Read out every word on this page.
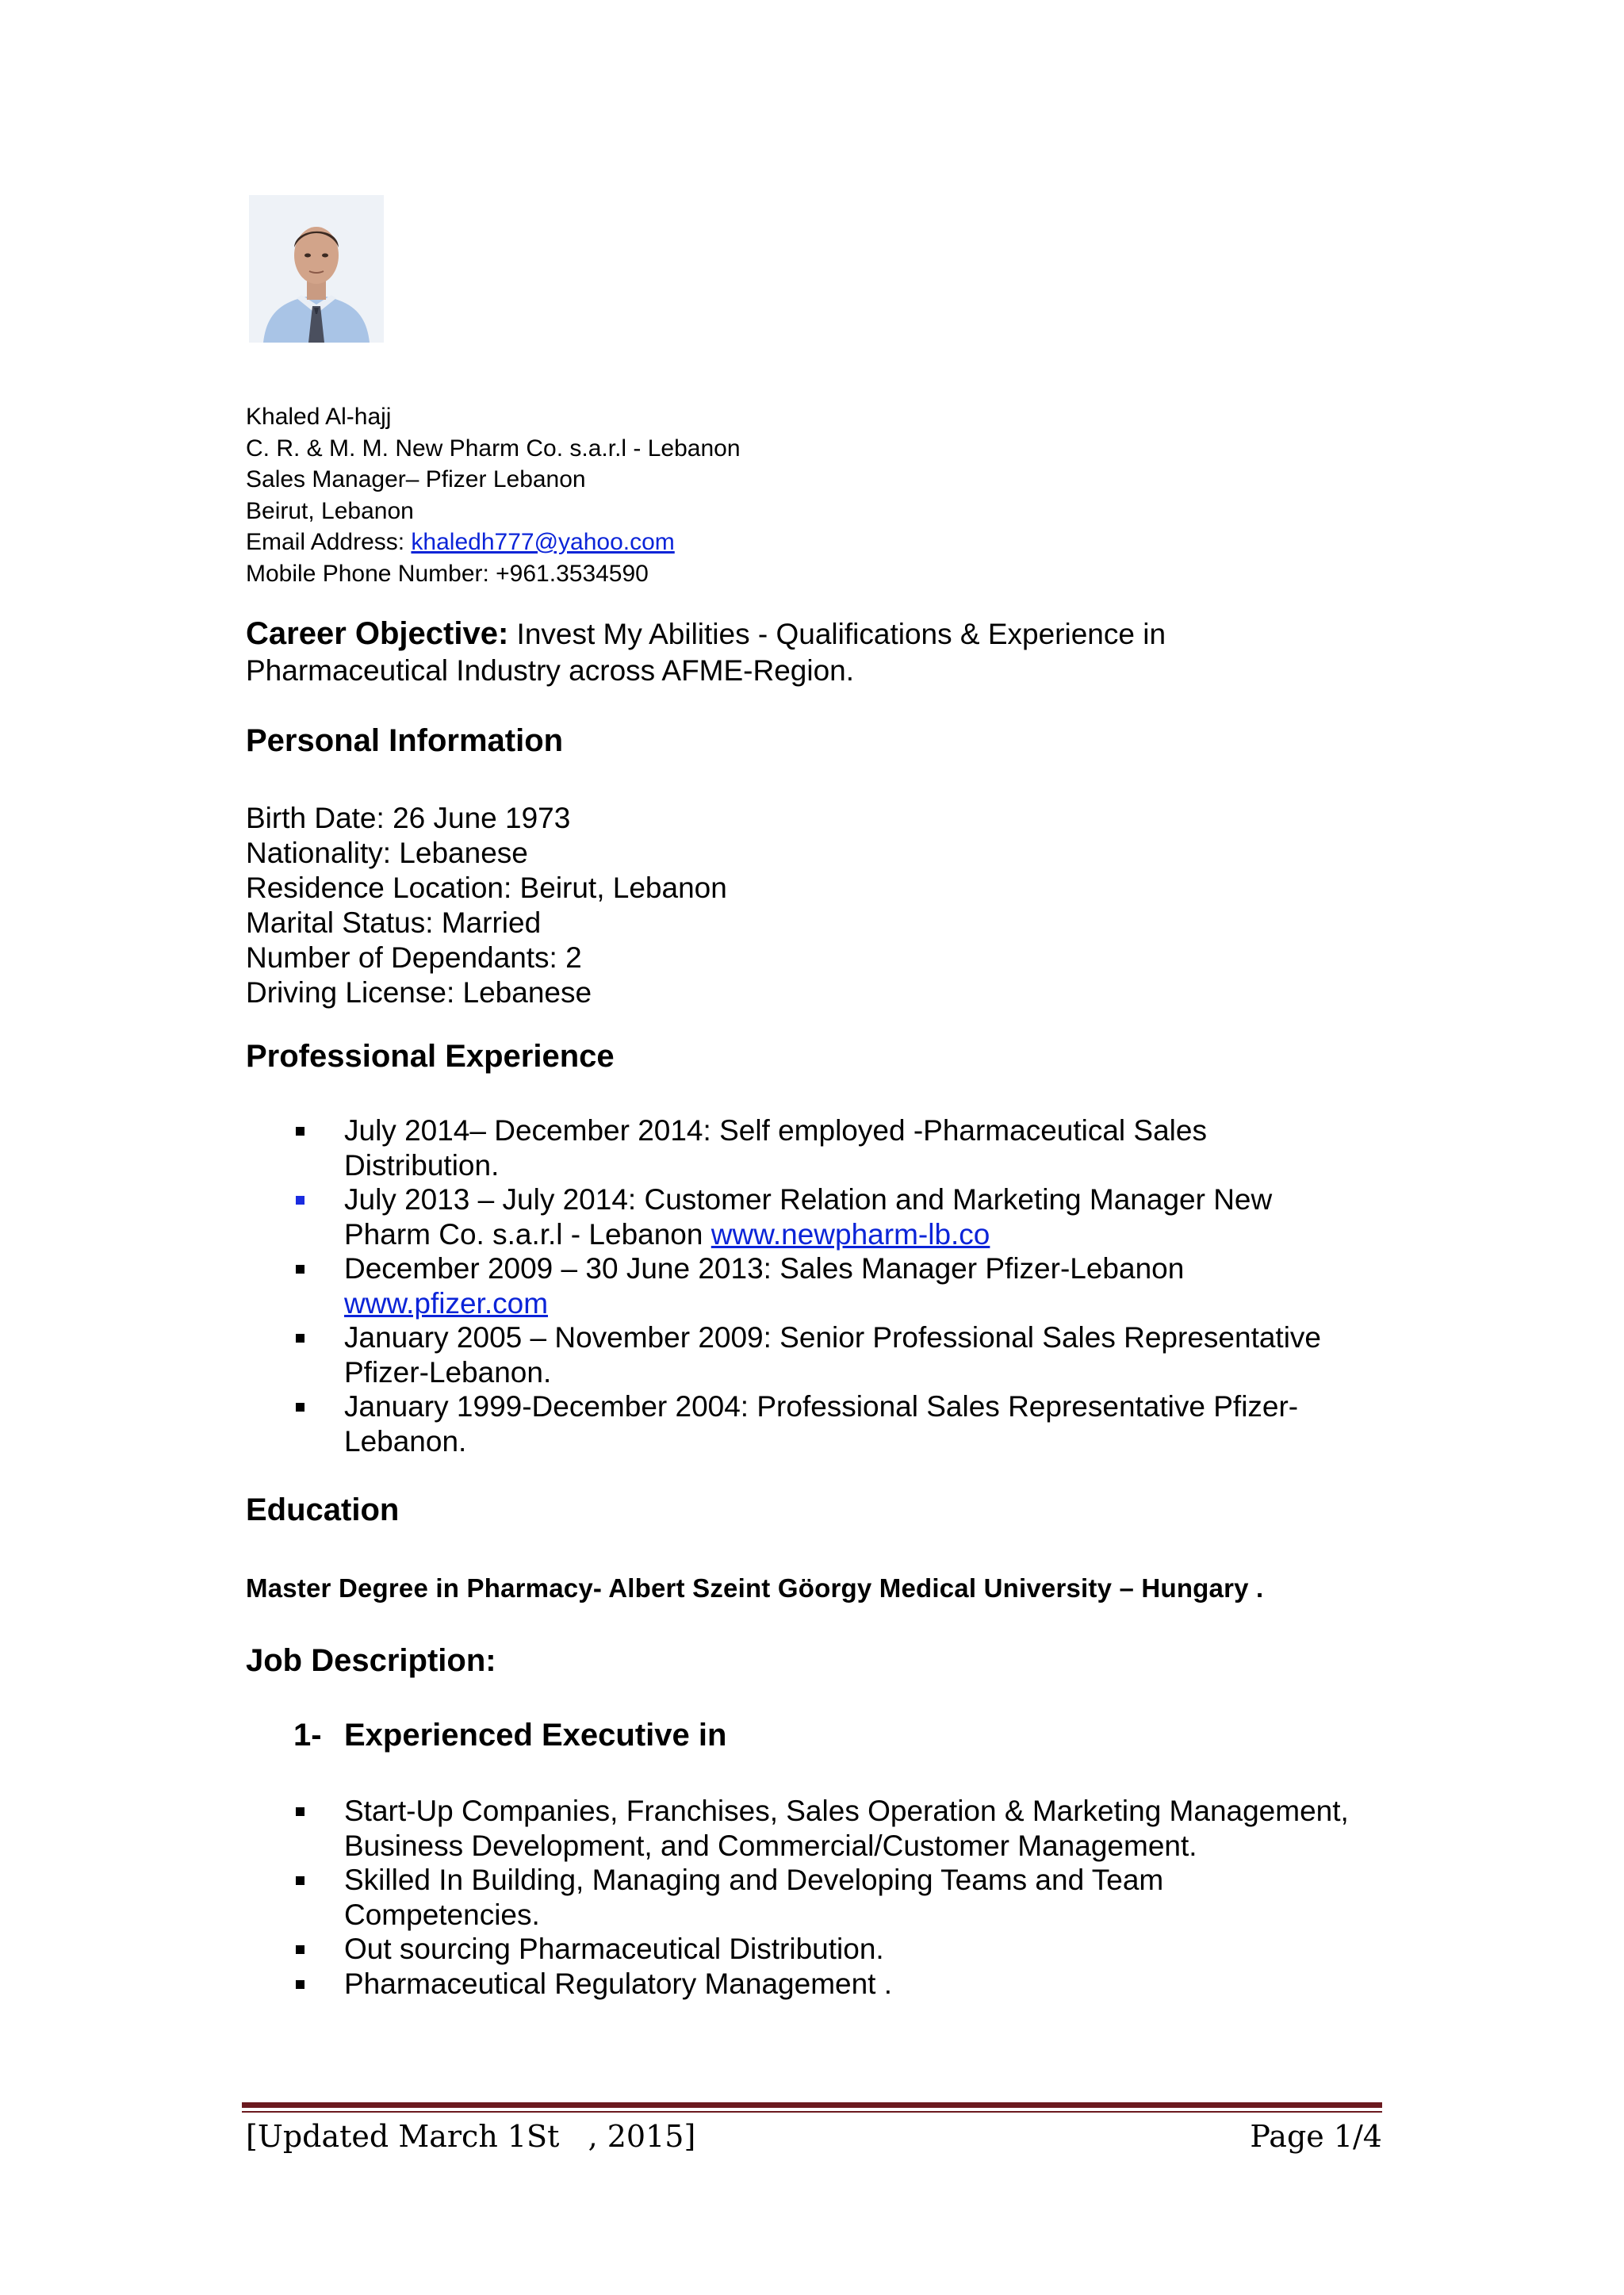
Khaled Al-hajj
C. R. & M. M. New Pharm Co. s.a.r.l - Lebanon
Sales Manager– Pfizer Lebanon
Beirut, Lebanon
Email Address: khaledh777@yahoo.com
Mobile Phone Number: +961.3534590
Career Objective: Invest My Abilities - Qualifications & Experience in Pharmaceutical Industry across AFME-Region.
Personal Information
Birth Date: 26 June 1973
Nationality: Lebanese
Residence Location: Beirut, Lebanon
Marital Status: Married
Number of Dependants: 2
Driving License: Lebanese
Professional Experience
July 2014– December 2014: Self employed -Pharmaceutical Sales
Distribution.
July 2013 – July 2014: Customer Relation and Marketing Manager New
Pharm Co. s.a.r.l - Lebanon www.newpharm-lb.co
December 2009 – 30 June 2013: Sales Manager Pfizer-Lebanon
www.pfizer.com
January 2005 – November 2009: Senior Professional Sales Representative
Pfizer-Lebanon.
January 1999-December 2004: Professional Sales Representative Pfizer-
Lebanon.
Education
Master Degree in Pharmacy- Albert Szeint Göorgy Medical University – Hungary .
Job Description:
1- Experienced Executive in
Start-Up Companies, Franchises, Sales Operation & Marketing Management,
Business Development, and Commercial/Customer Management.
Skilled In Building, Managing and Developing Teams and Team
Competencies.
Out sourcing Pharmaceutical Distribution.
Pharmaceutical Regulatory Management .
[Updated March 1St   , 2015]	Page 1/4
